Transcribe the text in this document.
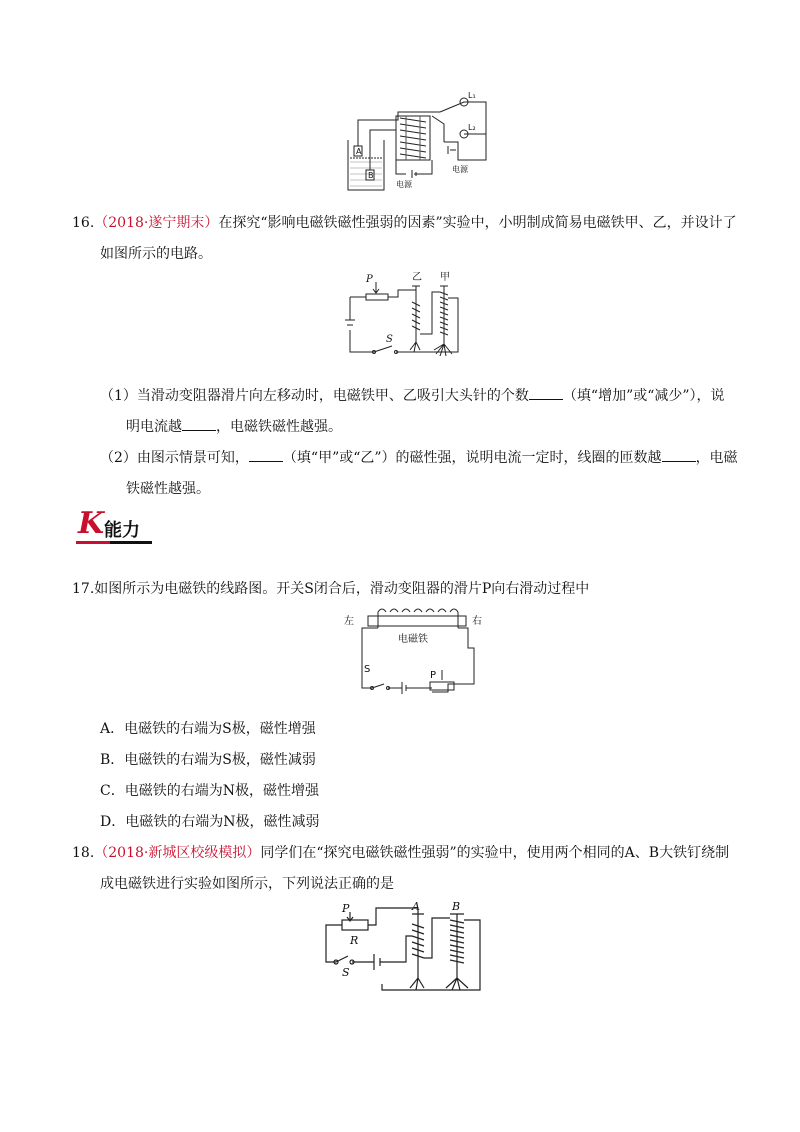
A
B
电源
L₁
L₂
电源
16.（2018·遂宁期末）在探究“影响电磁铁磁性强弱的因素”实验中，小明制成简易电磁铁甲、乙，并设计了
如图所示的电路。
P	乙 甲
S
（1）当滑动变阻器滑片向左移动时，电磁铁甲、乙吸引大头针的个数 （填“增加”或“减少”），说
明电流越 ，电磁铁磁性越强。
（2）由图示情景可知， （填“甲”或“乙”）的磁性强，说明电流一定时，线圈的匝数越 ，电磁
铁磁性越强。
K 能力
17.如图所示为电磁铁的线路图。开关S闭合后，滑动变阻器的滑片P向右滑动过程中
左	右
电磁铁
S
P
A．电磁铁的右端为S极，磁性增强
B．电磁铁的右端为S极，磁性减弱
C．电磁铁的右端为N极，磁性增强
D．电磁铁的右端为N极，磁性减弱
18.（2018·新城区校级模拟）同学们在“探究电磁铁磁性强弱”的实验中，使用两个相同的A、B大铁钉绕制
成电磁铁进行实验如图所示，下列说法正确的是
P	A	B
R
S
